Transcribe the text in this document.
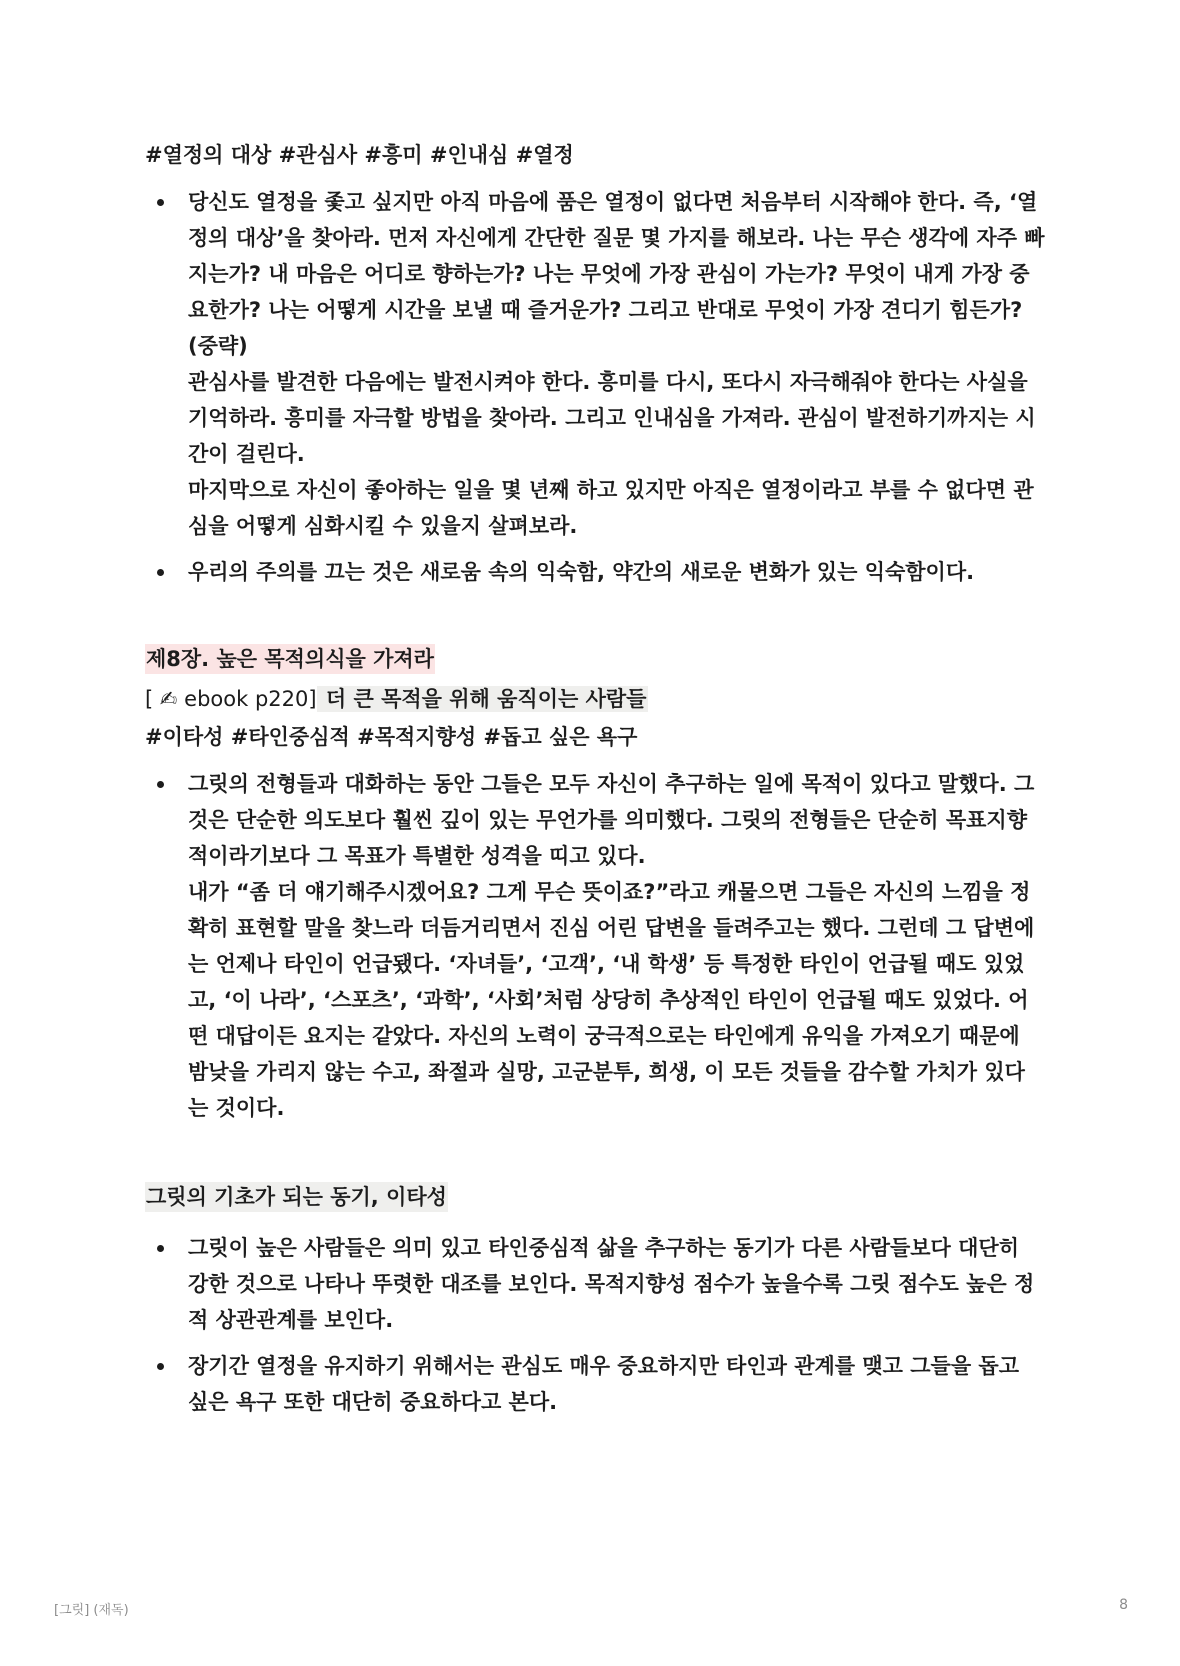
#열정의 대상 #관심사 #흥미 #인내심 #열정

당신도 열정을 좇고 싶지만 아직 마음에 품은 열정이 없다면 처음부터 시작해야 한다. 즉, ‘열정의 대상’을 찾아라. 먼저 자신에게 간단한 질문 몇 가지를 해보라. 나는 무슨 생각에 자주 빠지는가? 내 마음은 어디로 향하는가? 나는 무엇에 가장 관심이 가는가? 무엇이 내게 가장 중요한가? 나는 어떻게 시간을 보낼 때 즐거운가? 그리고 반대로 무엇이 가장 견디기 힘든가? (중략)

관심사를 발견한 다음에는 발전시켜야 한다. 흥미를 다시, 또다시 자극해줘야 한다는 사실을 기억하라. 흥미를 자극할 방법을 찾아라. 그리고 인내심을 가져라. 관심이 발전하기까지는 시간이 걸린다.

마지막으로 자신이 좋아하는 일을 몇 년째 하고 있지만 아직은 열정이라고 부를 수 없다면 관심을 어떻게 심화시킬 수 있을지 살펴보라.

우리의 주의를 끄는 것은 새로움 속의 익숙함, 약간의 새로운 변화가 있는 익숙함이다.

제8장. 높은 목적의식을 가져라

[ ✍ ebook p220] 더 큰 목적을 위해 움직이는 사람들

#이타성 #타인중심적 #목적지향성 #돕고 싶은 욕구

그릿의 전형들과 대화하는 동안 그들은 모두 자신이 추구하는 일에 목적이 있다고 말했다. 그것은 단순한 의도보다 훨씬 깊이 있는 무언가를 의미했다. 그릿의 전형들은 단순히 목표지향적이라기보다 그 목표가 특별한 성격을 띠고 있다.

내가 “좀 더 얘기해주시겠어요? 그게 무슨 뜻이죠?”라고 캐물으면 그들은 자신의 느낌을 정확히 표현할 말을 찾느라 더듬거리면서 진심 어린 답변을 들려주고는 했다. 그런데 그 답변에는 언제나 타인이 언급됐다. ‘자녀들’, ‘고객’, ‘내 학생’ 등 특정한 타인이 언급될 때도 있었고, ‘이 나라’, ‘스포츠’, ‘과학’, ‘사회’처럼 상당히 추상적인 타인이 언급될 때도 있었다. 어떤 대답이든 요지는 같았다. 자신의 노력이 궁극적으로는 타인에게 유익을 가져오기 때문에 밤낮을 가리지 않는 수고, 좌절과 실망, 고군분투, 희생, 이 모든 것들을 감수할 가치가 있다는 것이다.

그릿의 기초가 되는 동기, 이타성

그릿이 높은 사람들은 의미 있고 타인중심적 삶을 추구하는 동기가 다른 사람들보다 대단히 강한 것으로 나타나 뚜렷한 대조를 보인다. 목적지향성 점수가 높을수록 그릿 점수도 높은 정적 상관관계를 보인다.

장기간 열정을 유지하기 위해서는 관심도 매우 중요하지만 타인과 관계를 맺고 그들을 돕고 싶은 욕구 또한 대단히 중요하다고 본다.

[그릿] (재독)	8
